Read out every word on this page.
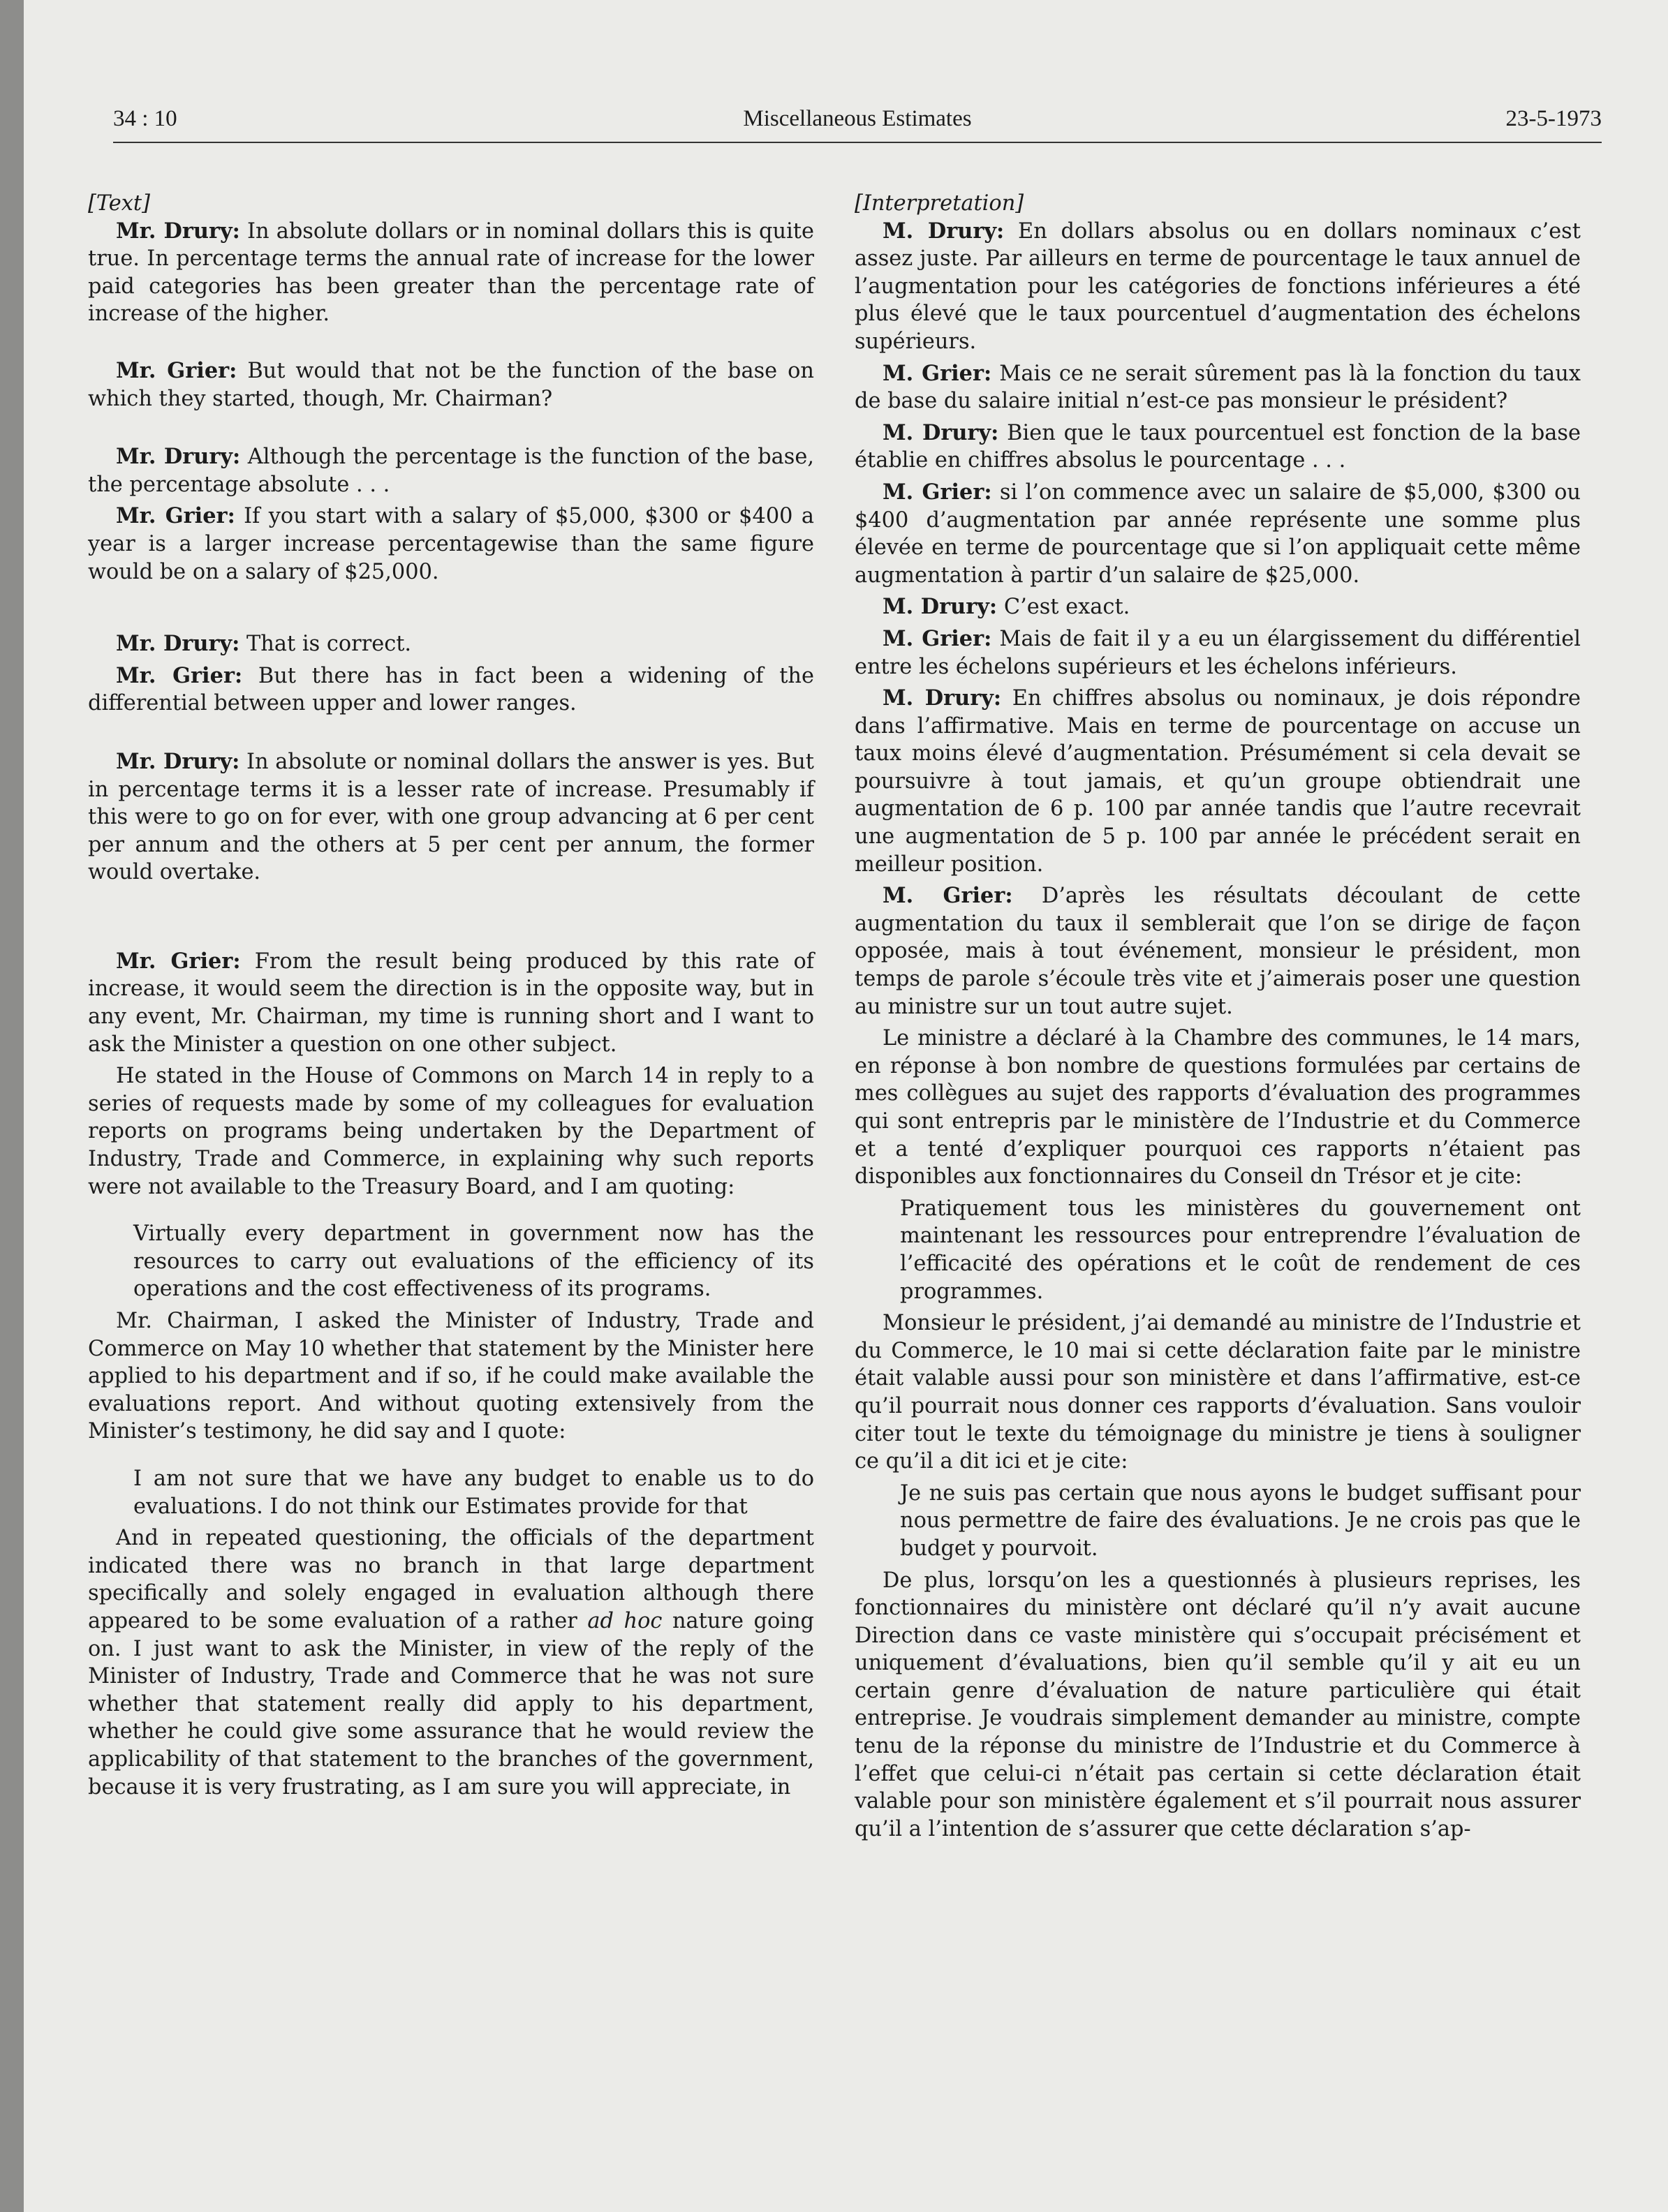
Miscellaneous Estimates
34 : 10	23-5-1973

[Text]

Mr. Drury: In absolute dollars or in nominal dollars this is quite true. In percentage terms the annual rate of increase for the lower paid categories has been greater than the percentage rate of increase of the higher.

Mr. Grier: But would that not be the function of the base on which they started, though, Mr. Chairman?

Mr. Drury: Although the percentage is the function of the base, the percentage absolute . . .

Mr. Grier: If you start with a salary of $5,000, $300 or $400 a year is a larger increase percentagewise than the same figure would be on a salary of $25,000.

Mr. Drury: That is correct.

Mr. Grier: But there has in fact been a widening of the differential between upper and lower ranges.

Mr. Drury: In absolute or nominal dollars the answer is yes. But in percentage terms it is a lesser rate of increase. Presumably if this were to go on for ever, with one group advancing at 6 per cent per annum and the others at 5 per cent per annum, the former would overtake.

Mr. Grier: From the result being produced by this rate of increase, it would seem the direction is in the opposite way, but in any event, Mr. Chairman, my time is running short and I want to ask the Minister a question on one other subject.

He stated in the House of Commons on March 14 in reply to a series of requests made by some of my colleagues for evaluation reports on programs being undertaken by the Department of Industry, Trade and Commerce, in explaining why such reports were not available to the Treasury Board, and I am quoting:

Virtually every department in government now has the resources to carry out evaluations of the efficiency of its operations and the cost effectiveness of its programs.

Mr. Chairman, I asked the Minister of Industry, Trade and Commerce on May 10 whether that statement by the Minister here applied to his department and if so, if he could make available the evaluations report. And without quoting extensively from the Minister’s testimony, he did say and I quote:

I am not sure that we have any budget to enable us to do evaluations. I do not think our Estimates provide for that

And in repeated questioning, the officials of the department indicated there was no branch in that large department specifically and solely engaged in evaluation although there appeared to be some evaluation of a rather ad hoc nature going on. I just want to ask the Minister, in view of the reply of the Minister of Industry, Trade and Commerce that he was not sure whether that statement really did apply to his department, whether he could give some assurance that he would review the applicability of that statement to the branches of the government, because it is very frustrating, as I am sure you will appreciate, in

[Interpretation]

M. Drury: En dollars absolus ou en dollars nominaux c’est assez juste. Par ailleurs en terme de pourcentage le taux annuel de l’augmentation pour les catégories de fonctions inférieures a été plus élevé que le taux pourcentuel d’augmentation des échelons supérieurs.

M. Grier: Mais ce ne serait sûrement pas là la fonction du taux de base du salaire initial n’est-ce pas monsieur le président?

M. Drury: Bien que le taux pourcentuel est fonction de la base établie en chiffres absolus le pourcentage . . .

M. Grier: si l’on commence avec un salaire de $5,000, $300 ou $400 d’augmentation par année représente une somme plus élevée en terme de pourcentage que si l’on appliquait cette même augmentation à partir d’un salaire de $25,000.

M. Drury: C’est exact.

M. Grier: Mais de fait il y a eu un élargissement du différentiel entre les échelons supérieurs et les échelons inférieurs.

M. Drury: En chiffres absolus ou nominaux, je dois répondre dans l’affirmative. Mais en terme de pourcentage on accuse un taux moins élevé d’augmentation. Présumément si cela devait se poursuivre à tout jamais, et qu’un groupe obtiendrait une augmentation de 6 p. 100 par année tandis que l’autre recevrait une augmentation de 5 p. 100 par année le précédent serait en meilleur position.

M. Grier: D’après les résultats découlant de cette augmentation du taux il semblerait que l’on se dirige de façon opposée, mais à tout événement, monsieur le président, mon temps de parole s’écoule très vite et j’aimerais poser une question au ministre sur un tout autre sujet.

Le ministre a déclaré à la Chambre des communes, le 14 mars, en réponse à bon nombre de questions formulées par certains de mes collègues au sujet des rapports d’évaluation des programmes qui sont entrepris par le ministère de l’Industrie et du Commerce et a tenté d’expliquer pourquoi ces rapports n’étaient pas disponibles aux fonctionnaires du Conseil dn Trésor et je cite:

Pratiquement tous les ministères du gouvernement ont maintenant les ressources pour entreprendre l’évaluation de l’efficacité des opérations et le coût de rendement de ces programmes.

Monsieur le président, j’ai demandé au ministre de l’Industrie et du Commerce, le 10 mai si cette déclaration faite par le ministre était valable aussi pour son ministère et dans l’affirmative, est-ce qu’il pourrait nous donner ces rapports d’évaluation. Sans vouloir citer tout le texte du témoignage du ministre je tiens à souligner ce qu’il a dit ici et je cite:

Je ne suis pas certain que nous ayons le budget suffisant pour nous permettre de faire des évaluations. Je ne crois pas que le budget y pourvoit.

De plus, lorsqu’on les a questionnés à plusieurs reprises, les fonctionnaires du ministère ont déclaré qu’il n’y avait aucune Direction dans ce vaste ministère qui s’occupait précisément et uniquement d’évaluations, bien qu’il semble qu’il y ait eu un certain genre d’évaluation de nature particulière qui était entreprise. Je voudrais simplement demander au ministre, compte tenu de la réponse du ministre de l’Industrie et du Commerce à l’effet que celui-ci n’était pas certain si cette déclaration était valable pour son ministère également et s’il pourrait nous assurer qu’il a l’intention de s’assurer que cette déclaration s’ap-
